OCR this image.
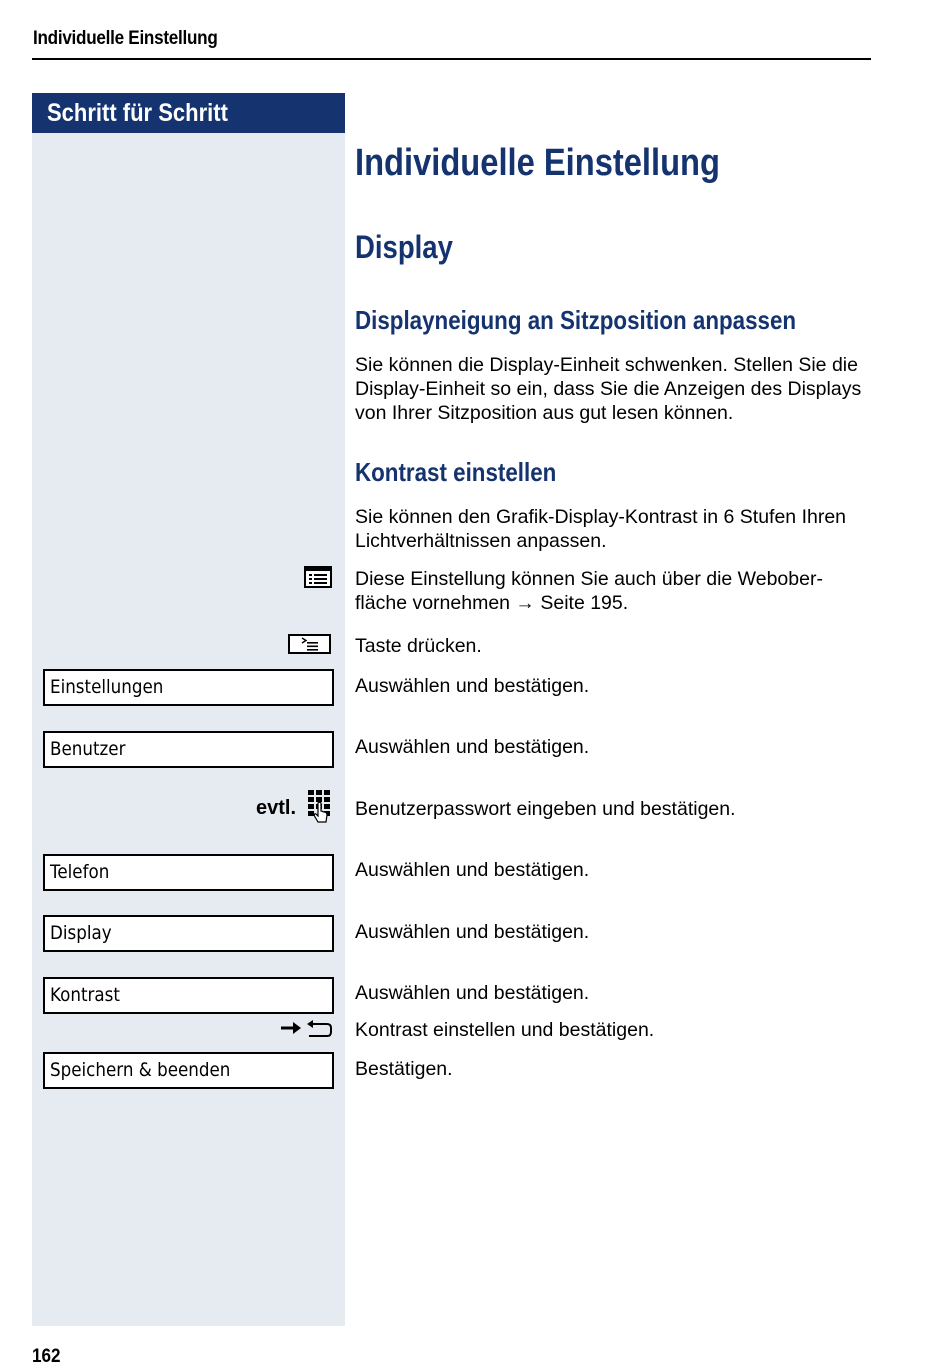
Individuelle Einstellung
Schritt für Schritt
Individuelle Einstellung
Display
Displayneigung an Sitzposition anpassen
Sie können die Display-Einheit schwenken. Stellen Sie die Display-Einheit so ein, dass Sie die Anzeigen des Displays von Ihrer Sitzposition aus gut lesen können.
Kontrast einstellen
Sie können den Grafik-Display-Kontrast in 6 Stufen Ihren Lichtverhältnissen anpassen.
Diese Einstellung können Sie auch über die Webober-
fläche vornehmen → Seite 195.
Taste drücken.
Einstellungen	Auswählen und bestätigen.
Benutzer	Auswählen und bestätigen.
evtl.	Benutzerpasswort eingeben und bestätigen.
Telefon	Auswählen und bestätigen.
Display	Auswählen und bestätigen.
Kontrast	Auswählen und bestätigen.
Kontrast einstellen und bestätigen.
Speichern & beenden	Bestätigen.
162
